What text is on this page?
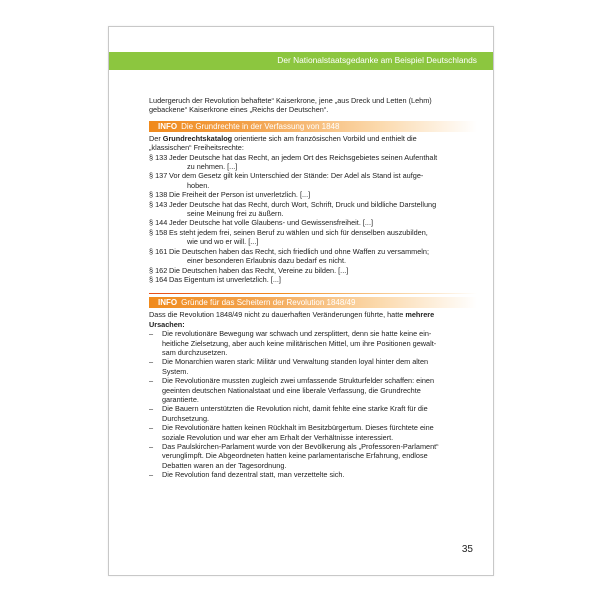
Der Nationalstaatsgedanke am Beispiel Deutschlands

Ludergeruch der Revolution behaftete“ Kaiserkrone, jene „aus Dreck und Letten (Lehm)
gebackene“ Kaiserkrone eines „Reichs der Deutschen“.

INFO Die Grundrechte in der Verfassung von 1848

Der Grundrechtskatalog orientierte sich am französischen Vorbild und enthielt die
„klassischen“ Freiheitsrechte:

§ 133 Jeder Deutsche hat das Recht, an jedem Ort des Reichsgebietes seinen Aufenthalt
zu nehmen. [...]

§ 137 Vor dem Gesetz gilt kein Unterschied der Stände: Der Adel als Stand ist aufge-
hoben.

§ 138 Die Freiheit der Person ist unverletzlich. [...]

§ 143 Jeder Deutsche hat das Recht, durch Wort, Schrift, Druck und bildliche Darstellung
seine Meinung frei zu äußern.

§ 144 Jeder Deutsche hat volle Glaubens- und Gewissensfreiheit. [...]

§ 158 Es steht jedem frei, seinen Beruf zu wählen und sich für denselben auszubilden,
wie und wo er will. [...]

§ 161 Die Deutschen haben das Recht, sich friedlich und ohne Waffen zu versammeln;
einer besonderen Erlaubnis dazu bedarf es nicht.

§ 162 Die Deutschen haben das Recht, Vereine zu bilden. [...]

§ 164 Das Eigentum ist unverletzlich. [...]

INFO Gründe für das Scheitern der Revolution 1848/49

Dass die Revolution 1848/49 nicht zu dauerhaften Veränderungen führte, hatte mehrere
Ursachen:

– Die revolutionäre Bewegung war schwach und zersplittert, denn sie hatte keine ein-
heitliche Zielsetzung, aber auch keine militärischen Mittel, um ihre Positionen gewalt-
sam durchzusetzen.

– Die Monarchien waren stark: Militär und Verwaltung standen loyal hinter dem alten
System.

– Die Revolutionäre mussten zugleich zwei umfassende Strukturfelder schaffen: einen
geeinten deutschen Nationalstaat und eine liberale Verfassung, die Grundrechte
garantierte.

– Die Bauern unterstützten die Revolution nicht, damit fehlte eine starke Kraft für die
Durchsetzung.

– Die Revolutionäre hatten keinen Rückhalt im Besitzbürgertum. Dieses fürchtete eine
soziale Revolution und war eher am Erhalt der Verhältnisse interessiert.

– Das Paulskirchen-Parlament wurde von der Bevölkerung als „Professoren-Parlament“
verunglimpft. Die Abgeordneten hatten keine parlamentarische Erfahrung, endlose
Debatten waren an der Tagesordnung.

– Die Revolution fand dezentral statt, man verzettelte sich.

35
